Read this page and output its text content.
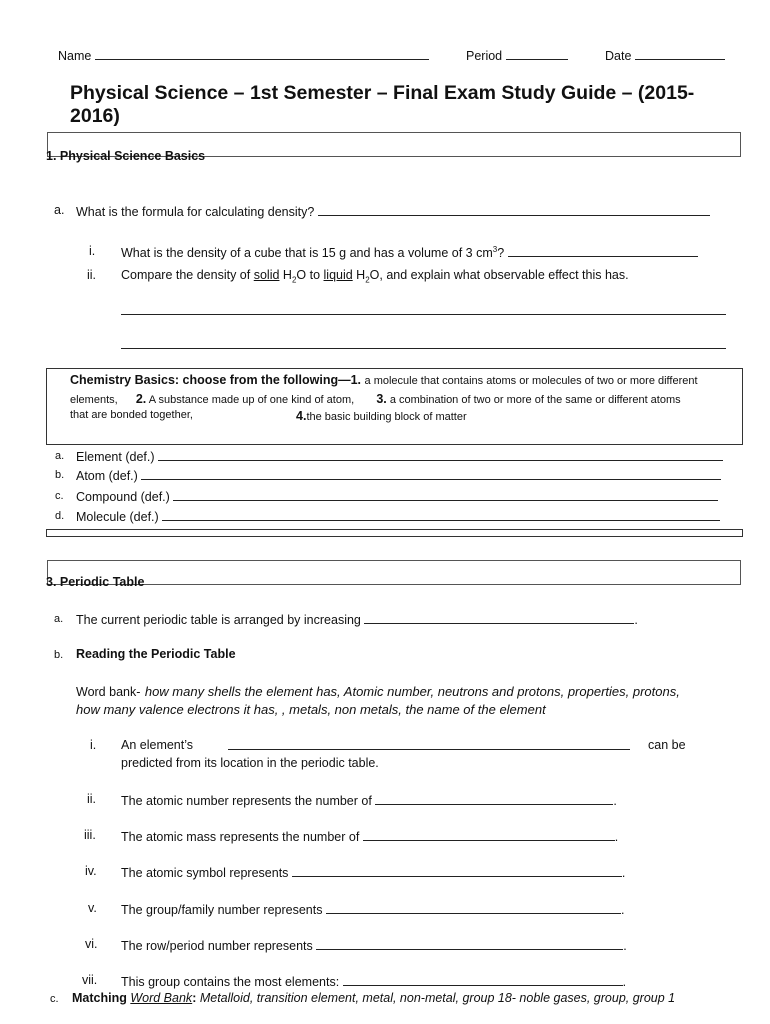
Name	Period	Date
Physical Science – 1st Semester – Final Exam Study Guide – (2015-2016)
1. Physical Science Basics
a. What is the formula for calculating density?
i. What is the density of a cube that is 15 g and has a volume of 3 $cm^3$?
ii. Compare the density of solid $H_2O$ to liquid $H_2O$, and explain what observable effect this has.
Chemistry Basics: choose from the following—1. a molecule that contains atoms or molecules of two or more different
elements, 2. A substance made up of one kind of atom, 3. a combination of two or more of the same or different atoms
that are bonded together,	4.the basic building block of matter
a. Element (def.)
b. Atom (def.)
c. Compound (def.)
d. Molecule (def.)
3. Periodic Table
a. The current periodic table is arranged by increasing	.
b. Reading the Periodic Table
Word bank- how many shells the element has, Atomic number, neutrons and protons, properties, protons,
how many valence electrons it has, , metals, non metals, the name of the element
i. An element’s	can be
predicted from its location in the periodic table.
ii. The atomic number represents the number of	.
iii. The atomic mass represents the number of	.
iv. The atomic symbol represents	.
v. The group/family number represents	.
vi. The row/period number represents	.
vii. This group contains the most elements:	.
c. Matching Word Bank: Metalloid, transition element, metal, non-metal, group 18- noble gases, group, group 1
